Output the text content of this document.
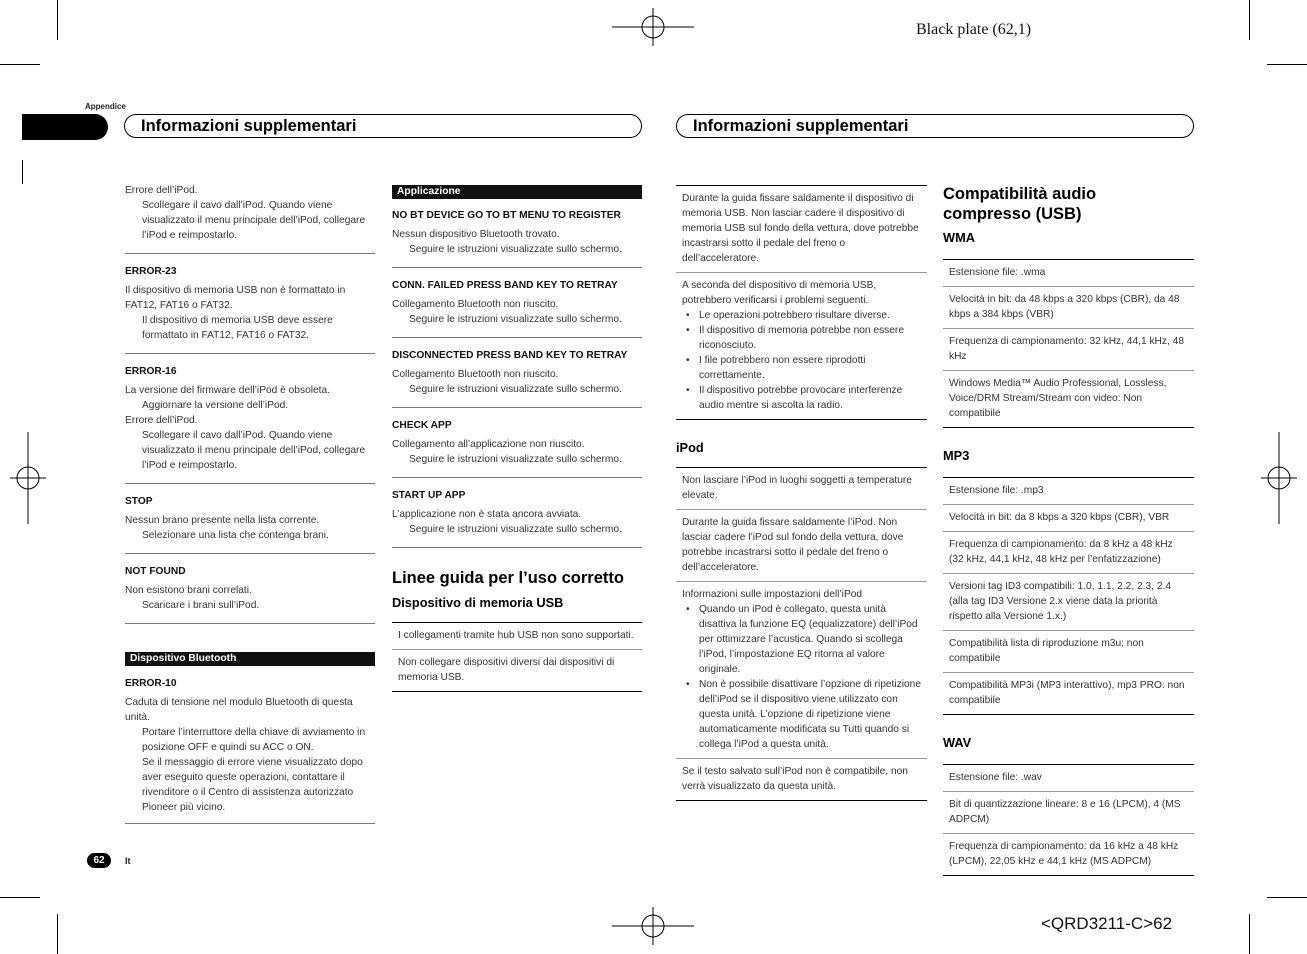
Black plate (62,1)
<QRD3211-C>62
Appendice
Informazioni supplementari	Informazioni supplementari

Errore dell’iPod.

Scollegare il cavo dall’iPod. Quando viene visualizzato il menu principale dell’iPod, collegare l’iPod e reimpostarlo.

ERROR-23

Il dispositivo di memoria USB non è formattato in FAT12, FAT16 o FAT32.

Il dispositivo di memoria USB deve essere formattato in FAT12, FAT16 o FAT32.

ERROR-16

La versione del firmware dell’iPod è obsoleta.

Aggiornare la versione dell’iPod.

Errore dell’iPod.

Scollegare il cavo dall’iPod. Quando viene visualizzato il menu principale dell’iPod, collegare l’iPod e reimpostarlo.

STOP

Nessun brano presente nella lista corrente.

Selezionare una lista che contenga brani.

NOT FOUND

Non esistono brani correlati.

Scaricare i brani sull’iPod.

Dispositivo Bluetooth

ERROR-10

Caduta di tensione nel modulo Bluetooth di questa unità.

Portare l’interruttore della chiave di avviamento in posizione OFF e quindi su ACC o ON.

Se il messaggio di errore viene visualizzato dopo aver eseguito queste operazioni, contattare il rivenditore o il Centro di assistenza autorizzato Pioneer più vicino.

Applicazione

NO BT DEVICE GO TO BT MENU TO REGISTER

Nessun dispositivo Bluetooth trovato.

Seguire le istruzioni visualizzate sullo schermo.

CONN. FAILED PRESS BAND KEY TO RETRAY

Collegamento Bluetooth non riuscito.

Seguire le istruzioni visualizzate sullo schermo.

DISCONNECTED PRESS BAND KEY TO RETRAY

Collegamento Bluetooth non riuscito.

Seguire le istruzioni visualizzate sullo schermo.

CHECK APP

Collegamento all’applicazione non riuscito.

Seguire le istruzioni visualizzate sullo schermo.

START UP APP

L’applicazione non è stata ancora avviata.

Seguire le istruzioni visualizzate sullo schermo.

Linee guida per l’uso corretto
Dispositivo di memoria USB
I collegamenti tramite hub USB non sono supportati.
Non collegare dispositivi diversi dai dispositivi di memoria USB.
Durante la guida fissare saldamente il dispositivo di memoria USB. Non lasciar cadere il dispositivo di memoria USB sul fondo della vettura, dove potrebbe incastrarsi sotto il pedale del freno o dell’acceleratore.
A seconda del dispositivo di memoria USB, potrebbero verificarsi i problemi seguenti.
• Le operazioni potrebbero risultare diverse.
• Il dispositivo di memoria potrebbe non essere riconosciuto.
• I file potrebbero non essere riprodotti correttamente.
• Il dispositivo potrebbe provocare interferenze audio mentre si ascolta la radio.
iPod
Non lasciare l’iPod in luoghi soggetti a temperature elevate.
Durante la guida fissare saldamente l’iPod. Non lasciar cadere l’iPod sul fondo della vettura, dove potrebbe incastrarsi sotto il pedale del freno o dell’acceleratore.
Informazioni sulle impostazioni dell’iPod
• Quando un iPod è collegato, questa unità disattiva la funzione EQ (equalizzatore) dell’iPod per ottimizzare l’acustica. Quando si scollega l’iPod, l’impostazione EQ ritorna al valore originale.
• Non è possibile disattivare l’opzione di ripetizione dell’iPod se il dispositivo viene utilizzato con questa unità. L’opzione di ripetizione viene automaticamente modificata su Tutti quando si collega l’iPod a questa unità.
Se il testo salvato sull’iPod non è compatibile, non verrà visualizzato da questa unità.
Compatibilità audio compresso (USB)
WMA
Estensione file: .wma
Velocità in bit: da 48 kbps a 320 kbps (CBR), da 48 kbps a 384 kbps (VBR)
Frequenza di campionamento: 32 kHz, 44,1 kHz, 48 kHz
Windows Media™ Audio Professional, Lossless, Voice/DRM Stream/Stream con video: Non compatibile
MP3
Estensione file: .mp3
Velocità in bit: da 8 kbps a 320 kbps (CBR), VBR
Frequenza di campionamento: da 8 kHz a 48 kHz (32 kHz, 44,1 kHz, 48 kHz per l’enfatizzazione)
Versioni tag ID3 compatibili: 1.0, 1.1, 2.2, 2.3, 2.4 (alla tag ID3 Versione 2.x viene data la priorità rispetto alla Versione 1.x.)
Compatibilità lista di riproduzione m3u: non compatibile
Compatibilità MP3i (MP3 interattivo), mp3 PRO: non compatibile
WAV
Estensione file: .wav
Bit di quantizzazione lineare: 8 e 16 (LPCM), 4 (MS ADPCM)
Frequenza di campionamento: da 16 kHz a 48 kHz (LPCM), 22,05 kHz e 44,1 kHz (MS ADPCM)
62	It
